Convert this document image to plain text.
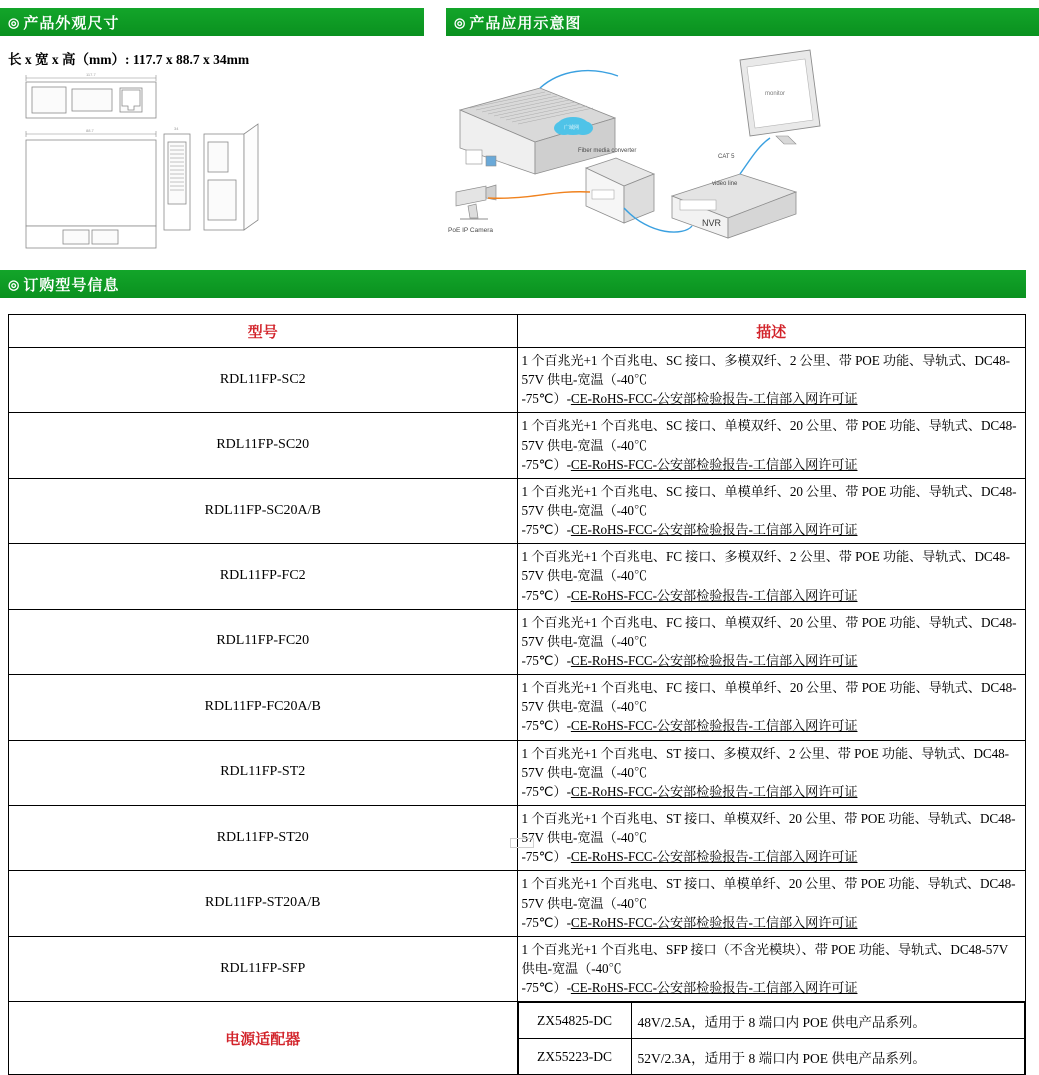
◎ 产品外观尺寸	◎ 产品应用示意图
长 x 宽 x 高（mm）: 117.7 x 88.7 x 34mm
117.7
88.7	34
Fiber media converter
广域网
PoE IP Camera
monitor
NVR
video line
CAT 5
◎ 订购型号信息
型号	描述
RDL11FP-SC2	1 个百兆光+1 个百兆电、SC 接口、多模双纤、2 公里、带 POE 功能、导轨式、DC48-57V 供电-宽温（-40℃
-75℃）-CE-RoHS-FCC-公安部检验报告-工信部入网许可证

RDL11FP-SC20	1 个百兆光+1 个百兆电、SC 接口、单模双纤、20 公里、带 POE 功能、导轨式、DC48-57V 供电-宽温（-40℃
-75℃）-CE-RoHS-FCC-公安部检验报告-工信部入网许可证

RDL11FP-SC20A/B	1 个百兆光+1 个百兆电、SC 接口、单模单纤、20 公里、带 POE 功能、导轨式、DC48-57V 供电-宽温（-40℃
-75℃）-CE-RoHS-FCC-公安部检验报告-工信部入网许可证

RDL11FP-FC2	1 个百兆光+1 个百兆电、FC 接口、多模双纤、2 公里、带 POE 功能、导轨式、DC48-57V 供电-宽温（-40℃
-75℃）-CE-RoHS-FCC-公安部检验报告-工信部入网许可证

RDL11FP-FC20	1 个百兆光+1 个百兆电、FC 接口、单模双纤、20 公里、带 POE 功能、导轨式、DC48-57V 供电-宽温（-40℃
-75℃）-CE-RoHS-FCC-公安部检验报告-工信部入网许可证

RDL11FP-FC20A/B	1 个百兆光+1 个百兆电、FC 接口、单模单纤、20 公里、带 POE 功能、导轨式、DC48-57V 供电-宽温（-40℃
-75℃）-CE-RoHS-FCC-公安部检验报告-工信部入网许可证

RDL11FP-ST2	1 个百兆光+1 个百兆电、ST 接口、多模双纤、2 公里、带 POE 功能、导轨式、DC48-57V 供电-宽温（-40℃
-75℃）-CE-RoHS-FCC-公安部检验报告-工信部入网许可证

RDL11FP-ST20	1 个百兆光+1 个百兆电、ST 接口、单模双纤、20 公里、带 POE 功能、导轨式、DC48-57V 供电-宽温（-40℃
-75℃）-CE-RoHS-FCC-公安部检验报告-工信部入网许可证

RDL11FP-ST20A/B	1 个百兆光+1 个百兆电、ST 接口、单模单纤、20 公里、带 POE 功能、导轨式、DC48-57V 供电-宽温（-40℃
-75℃）-CE-RoHS-FCC-公安部检验报告-工信部入网许可证

RDL11FP-SFP	1 个百兆光+1 个百兆电、SFP 接口（不含光模块）、带 POE 功能、导轨式、DC48-57V 供电-宽温（-40℃
-75℃）-CE-RoHS-FCC-公安部检验报告-工信部入网许可证

电源适配器	
ZX54825-DC	48V/2.5A，适用于 8 端口内 POE 供电产品系列。
ZX55223-DC	52V/2.3A，适用于 8 端口内 POE 供电产品系列。
